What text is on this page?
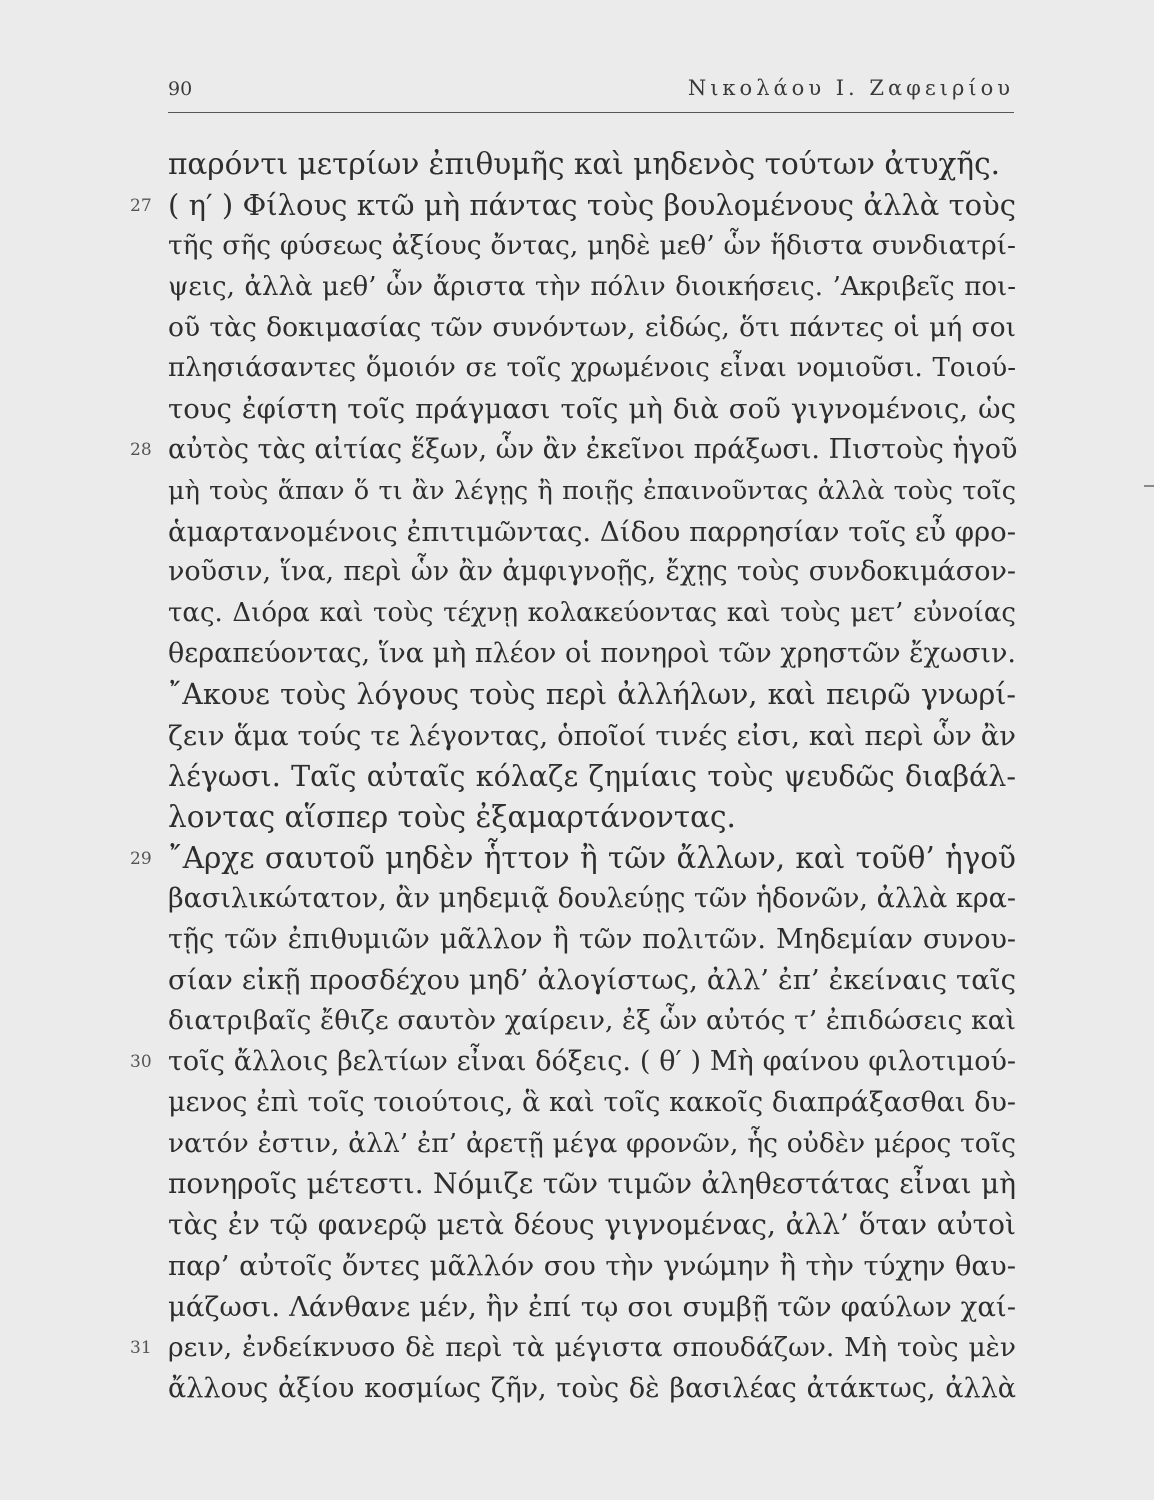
90	Νικολάου Ι. Ζαφειρίου
27
28
29
30
31
παρόντι μετρίων ἐπιθυμῆς καὶ μηδενὸς τούτων ἀτυχῆς.
( η′ ) Φίλους κτῶ μὴ πάντας τοὺς βουλομένους ἀλλὰ τοὺς
τῆς σῆς φύσεως ἀξίους ὄντας, μηδὲ μεθ’ ὧν ἥδιστα συνδιατρί-
ψεις, ἀλλὰ μεθ’ ὧν ἄριστα τὴν πόλιν διοικήσεις. ’Ακριβεῖς ποι-
οῦ τὰς δοκιμασίας τῶν συνόντων, εἰδώς, ὅτι πάντες οἱ μή σοι
πλησιάσαντες ὅμοιόν σε τοῖς χρωμένοις εἶναι νομιοῦσι. Τοιού-
τους ἐφίστη τοῖς πράγμασι τοῖς μὴ διὰ σοῦ γιγνομένοις, ὡς
αὐτὸς τὰς αἰτίας ἕξων, ὧν ἂν ἐκεῖνοι πράξωσι. Πιστοὺς ἡγοῦ
μὴ τοὺς ἅπαν ὅ τι ἂν λέγῃς ἢ ποιῇς ἐπαινοῦντας ἀλλὰ τοὺς τοῖς
ἁμαρτανομένοις ἐπιτιμῶντας. Δίδου παρρησίαν τοῖς εὖ φρο-
νοῦσιν, ἵνα, περὶ ὧν ἂν ἀμφιγνοῇς, ἔχῃς τοὺς συνδοκιμάσον-
τας. Διόρα καὶ τοὺς τέχνῃ κολακεύοντας καὶ τοὺς μετ’ εὐνοίας
θεραπεύοντας, ἵνα μὴ πλέον οἱ πονηροὶ τῶν χρηστῶν ἔχωσιν.
῎Ακουε τοὺς λόγους τοὺς περὶ ἀλλήλων, καὶ πειρῶ γνωρί-
ζειν ἅμα τούς τε λέγοντας, ὁποῖοί τινές εἰσι, καὶ περὶ ὧν ἂν
λέγωσι. Ταῖς αὐταῖς κόλαζε ζημίαις τοὺς ψευδῶς διαβάλ-
λοντας αἵσπερ τοὺς ἐξαμαρτάνοντας.
῎Αρχε σαυτοῦ μηδὲν ἧττον ἢ τῶν ἄλλων, καὶ τοῦθ’ ἡγοῦ
βασιλικώτατον, ἂν μηδεμιᾷ δουλεύῃς τῶν ἡδονῶν, ἀλλὰ κρα-
τῇς τῶν ἐπιθυμιῶν μᾶλλον ἢ τῶν πολιτῶν. Μηδεμίαν συνου-
σίαν εἰκῇ προσδέχου μηδ’ ἀλογίστως, ἀλλ’ ἐπ’ ἐκείναις ταῖς
διατριβαῖς ἔθιζε σαυτὸν χαίρειν, ἐξ ὧν αὐτός τ’ ἐπιδώσεις καὶ
τοῖς ἄλλοις βελτίων εἶναι δόξεις. ( θ′ ) Μὴ φαίνου φιλοτιμού-
μενος ἐπὶ τοῖς τοιούτοις, ἃ καὶ τοῖς κακοῖς διαπράξασθαι δυ-
νατόν ἐστιν, ἀλλ’ ἐπ’ ἀρετῇ μέγα φρονῶν, ἧς οὐδὲν μέρος τοῖς
πονηροῖς μέτεστι. Νόμιζε τῶν τιμῶν ἀληθεστάτας εἶναι μὴ
τὰς ἐν τῷ φανερῷ μετὰ δέους γιγνομένας, ἀλλ’ ὅταν αὐτοὶ
παρ’ αὐτοῖς ὄντες μᾶλλόν σου τὴν γνώμην ἢ τὴν τύχην θαυ-
μάζωσι. Λάνθανε μέν, ἢν ἐπί τῳ σοι συμβῇ τῶν φαύλων χαί-
ρειν, ἐνδείκνυσο δὲ περὶ τὰ μέγιστα σπουδάζων. Μὴ τοὺς μὲν
ἄλλους ἀξίου κοσμίως ζῆν, τοὺς δὲ βασιλέας ἀτάκτως, ἀλλὰ
